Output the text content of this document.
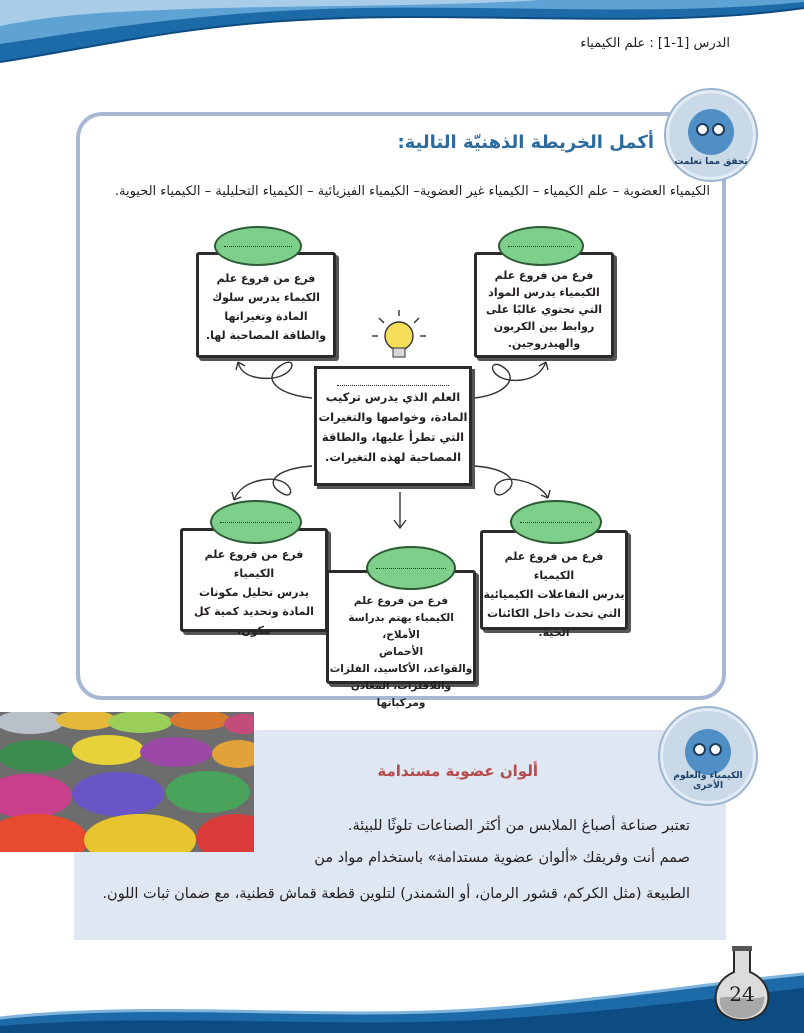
الدرس [1-1] : علم الكيمياء
تحقق مما تعلمت
أكمل الخريطة الذهنيّة التالية:
الكيمياء العضوية – علم الكيمياء – الكيمياء غير العضوية– الكيمياء الفيزيائية – الكيمياء التحليلية – الكيمياء الحيوية.
العلم الذي يدرس تركيب
المادة، وخواصها والتغيرات
التي تطرأ عليها، والطاقة
المصاحبة لهذه التغيرات.
فرع من فروع علم
الكيماء يدرس سلوك
المادة وتغيراتها
والطاقة المصاحبة لها.
فرع من فروع علم
الكيمياء يدرس المواد
التي تحتوي غالبًا على
روابط بين الكربون
والهيدروجين.
فرع من فروع علم الكيمياء
يدرس تحليل مكونات
المادة وتحديد كمية كل
مكون.
فرع من فروع علم
الكيمياء يهتم بدراسة الأملاح،
الأحماض
والقواعد، الأكاسيد، الفلزات
واللافلزات، المعادن ومركباتها
فرع من فروع علم الكيمياء
يدرس التفاعلات الكيميائية
التي تحدث داخل الكائنات
الحية.
الكيمياء والعلوم الأخرى
ألوان عضوية مستدامة
تعتبر صناعة أصباغ الملابس من أكثر الصناعات تلوثًا للبيئة.
صمم أنت وفريقك «ألوان عضوية مستدامة» باستخدام مواد من
الطبيعة (مثل الكركم، قشور الرمان، أو الشمندر) لتلوين قطعة قماش قطنية، مع ضمان ثبات اللون.
24
